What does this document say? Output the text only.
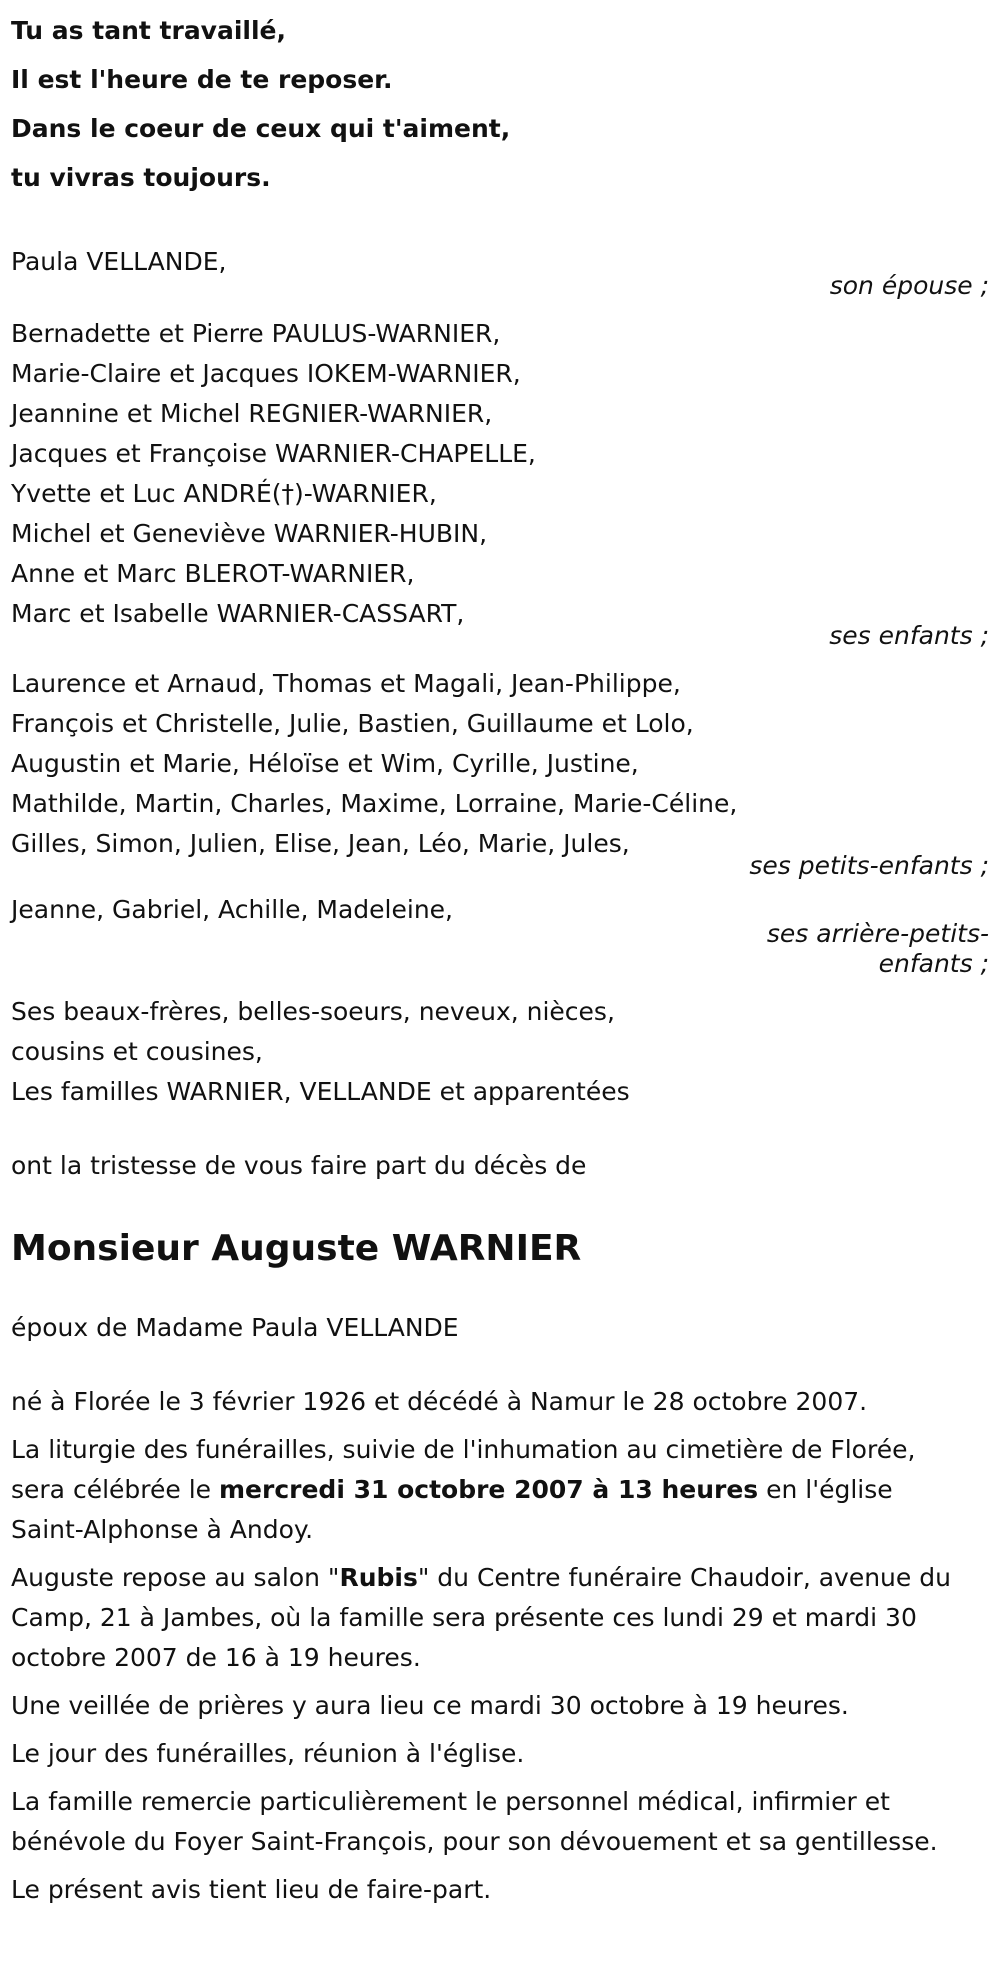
Tu as tant travaillé,
Il est l'heure de te reposer.
Dans le coeur de ceux qui t'aiment,
tu vivras toujours.
Paula VELLANDE,
son épouse ;
Bernadette et Pierre PAULUS-WARNIER,
Marie-Claire et Jacques IOKEM-WARNIER,
Jeannine et Michel REGNIER-WARNIER,
Jacques et Françoise WARNIER-CHAPELLE,
Yvette et Luc ANDRÉ(†)-WARNIER,
Michel et Geneviève WARNIER-HUBIN,
Anne et Marc BLEROT-WARNIER,
Marc et Isabelle WARNIER-CASSART,
ses enfants ;
Laurence et Arnaud, Thomas et Magali, Jean-Philippe,
François et Christelle, Julie, Bastien, Guillaume et Lolo,
Augustin et Marie, Héloïse et Wim, Cyrille, Justine,
Mathilde, Martin, Charles, Maxime, Lorraine, Marie-Céline,
Gilles, Simon, Julien, Elise, Jean, Léo, Marie, Jules,
ses petits-enfants ;
Jeanne, Gabriel, Achille, Madeleine,
ses arrière-petits-
enfants ;
Ses beaux-frères, belles-soeurs, neveux, nièces,
cousins et cousines,
Les familles WARNIER, VELLANDE et apparentées
ont la tristesse de vous faire part du décès de
Monsieur Auguste WARNIER
époux de Madame Paula VELLANDE
né à Florée le 3 février 1926 et décédé à Namur le 28 octobre 2007.
La liturgie des funérailles, suivie de l'inhumation au cimetière de Florée, sera célébrée le mercredi 31 octobre 2007 à 13 heures en l'église Saint-Alphonse à Andoy.
Auguste repose au salon "Rubis" du Centre funéraire Chaudoir, avenue du Camp, 21 à Jambes, où la famille sera présente ces lundi 29 et mardi 30 octobre 2007 de 16 à 19 heures.
Une veillée de prières y aura lieu ce mardi 30 octobre à 19 heures.
Le jour des funérailles, réunion à l'église.
La famille remercie particulièrement le personnel médical, infirmier et bénévole du Foyer Saint-François, pour son dévouement et sa gentillesse.
Le présent avis tient lieu de faire-part.
